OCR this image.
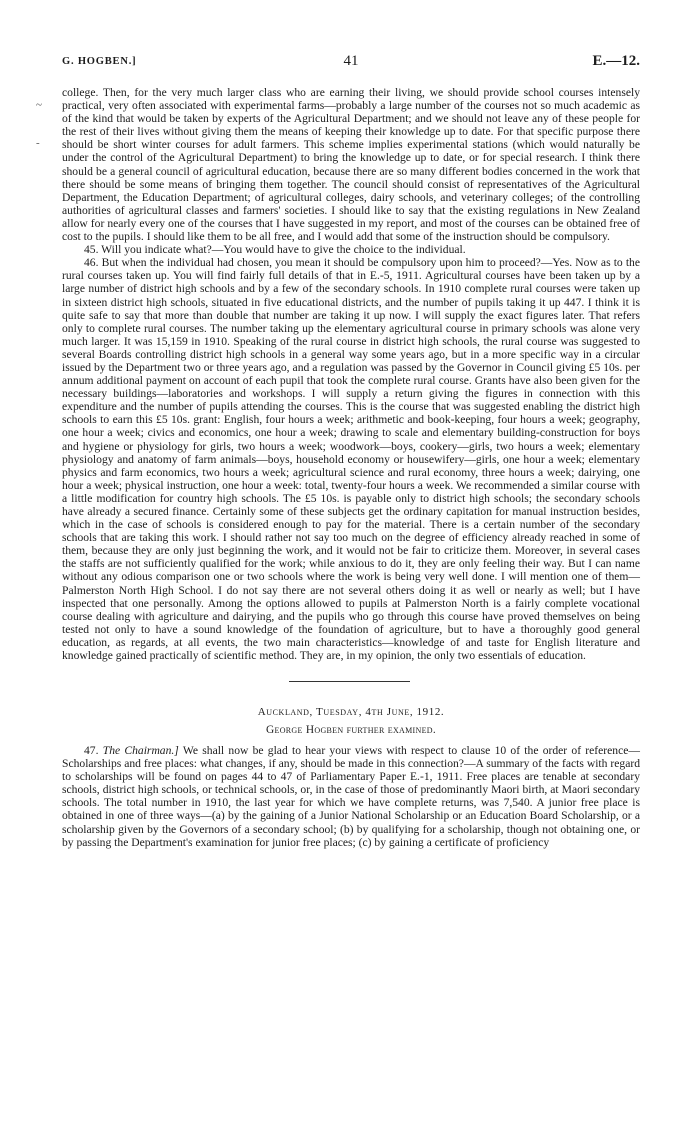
G. HOGBEN.]	41	E.—12.
~
-

college. Then, for the very much larger class who are earning their living, we should provide school courses intensely practical, very often associated with experimental farms—probably a large number of the courses not so much academic as of the kind that would be taken by experts of the Agricultural Department; and we should not leave any of these people for the rest of their lives without giving them the means of keeping their knowledge up to date. For that specific purpose there should be short winter courses for adult farmers. This scheme implies experimental stations (which would naturally be under the control of the Agricultural Department) to bring the knowledge up to date, or for special research. I think there should be a general council of agricultural education, because there are so many different bodies concerned in the work that there should be some means of bringing them together. The council should consist of representatives of the Agricultural Department, the Education Department; of agricultural colleges, dairy schools, and veterinary colleges; of the controlling authorities of agricultural classes and farmers' societies. I should like to say that the existing regulations in New Zealand allow for nearly every one of the courses that I have suggested in my report, and most of the courses can be obtained free of cost to the pupils. I should like them to be all free, and I would add that some of the instruction should be compulsory.

45. Will you indicate what?—You would have to give the choice to the individual.

46. But when the individual had chosen, you mean it should be compulsory upon him to proceed?—Yes. Now as to the rural courses taken up. You will find fairly full details of that in E.-5, 1911. Agricultural courses have been taken up by a large number of district high schools and by a few of the secondary schools. In 1910 complete rural courses were taken up in sixteen district high schools, situated in five educational districts, and the number of pupils taking it up 447. I think it is quite safe to say that more than double that number are taking it up now. I will supply the exact figures later. That refers only to complete rural courses. The number taking up the elementary agricultural course in primary schools was alone very much larger. It was 15,159 in 1910. Speaking of the rural course in district high schools, the rural course was suggested to several Boards controlling district high schools in a general way some years ago, but in a more specific way in a circular issued by the Department two or three years ago, and a regulation was passed by the Governor in Council giving £5 10s. per annum additional payment on account of each pupil that took the complete rural course. Grants have also been given for the necessary buildings—laboratories and workshops. I will supply a return giving the figures in connection with this expenditure and the number of pupils attending the courses. This is the course that was suggested enabling the district high schools to earn this £5 10s. grant: English, four hours a week; arithmetic and book-keeping, four hours a week; geography, one hour a week; civics and economics, one hour a week; drawing to scale and elementary building-construction for boys and hygiene or physiology for girls, two hours a week; woodwork—boys, cookery—girls, two hours a week; elementary physiology and anatomy of farm animals—boys, household economy or housewifery—girls, one hour a week; elementary physics and farm economics, two hours a week; agricultural science and rural economy, three hours a week; dairying, one hour a week; physical instruction, one hour a week: total, twenty-four hours a week. We recommended a similar course with a little modification for country high schools. The £5 10s. is payable only to district high schools; the secondary schools have already a secured finance. Certainly some of these subjects get the ordinary capitation for manual instruction besides, which in the case of schools is considered enough to pay for the material. There is a certain number of the secondary schools that are taking this work. I should rather not say too much on the degree of efficiency already reached in some of them, because they are only just beginning the work, and it would not be fair to criticize them. Moreover, in several cases the staffs are not sufficiently qualified for the work; while anxious to do it, they are only feeling their way. But I can name without any odious comparison one or two schools where the work is being very well done. I will mention one of them—Palmerston North High School. I do not say there are not several others doing it as well or nearly as well; but I have inspected that one personally. Among the options allowed to pupils at Palmerston North is a fairly complete vocational course dealing with agriculture and dairying, and the pupils who go through this course have proved themselves on being tested not only to have a sound knowledge of the foundation of agriculture, but to have a thoroughly good general education, as regards, at all events, the two main characteristics—knowledge of and taste for English literature and knowledge gained practically of scientific method. They are, in my opinion, the only two essentials of education.

Auckland, Tuesday, 4th June, 1912.
George Hogben further examined.

47. The Chairman.] We shall now be glad to hear your views with respect to clause 10 of the order of reference—Scholarships and free places: what changes, if any, should be made in this connection?—A summary of the facts with regard to scholarships will be found on pages 44 to 47 of Parliamentary Paper E.-1, 1911. Free places are tenable at secondary schools, district high schools, or technical schools, or, in the case of those of predominantly Maori birth, at Maori secondary schools. The total number in 1910, the last year for which we have complete returns, was 7,540. A junior free place is obtained in one of three ways—(a) by the gaining of a Junior National Scholarship or an Education Board Scholarship, or a scholarship given by the Governors of a secondary school; (b) by qualifying for a scholarship, though not obtaining one, or by passing the Department's examination for junior free places; (c) by gaining a certificate of proficiency
